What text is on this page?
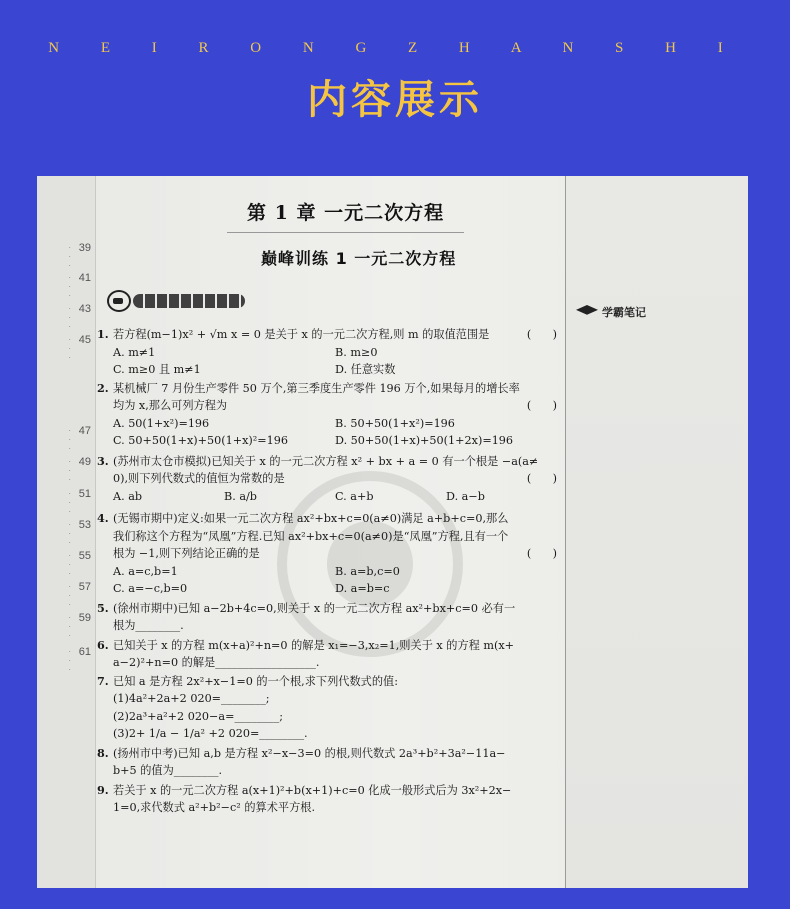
N E I R O N G Z H A N S H I
内容展示
· · · 39
· · · 41
· · · 43
· · · 45
· · · 47
· · · 49
· · · 51
· · · 53
· · · 55
· · · 57
· · · 59
· · · 61
学霸笔记
第 1 章 一元二次方程
巅峰训练 1 一元二次方程
1. 若方程(m−1)x² + √m x = 0 是关于 x 的一元二次方程,则 m 的取值范围是	(      )
A. m≠1	B. m≥0
C. m≥0 且 m≠1	D. 任意实数
2. 某机械厂 7 月份生产零件 50 万个,第三季度生产零件 196 万个,如果每月的增长率
均为 x,那么可列方程为	(      )
A. 50(1+x²)=196	B. 50+50(1+x²)=196
C. 50+50(1+x)+50(1+x)²=196	D. 50+50(1+x)+50(1+2x)=196
3. (苏州市太仓市模拟)已知关于 x 的一元二次方程 x² + bx + a = 0 有一个根是 −a(a≠
0),则下列代数式的值恒为常数的是	(      )
A. ab	B. a/b	C. a+b	D. a−b
4. (无锡市期中)定义:如果一元二次方程 ax²+bx+c=0(a≠0)满足 a+b+c=0,那么
我们称这个方程为“凤凰”方程.已知 ax²+bx+c=0(a≠0)是“凤凰”方程,且有一个
根为 −1,则下列结论正确的是	(      )
A. a=c,b=1	B. a=b,c=0
C. a=−c,b=0	D. a=b=c
5. (徐州市期中)已知 a−2b+4c=0,则关于 x 的一元二次方程 ax²+bx+c=0 必有一
根为________.
6. 已知关于 x 的方程 m(x+a)²+n=0 的解是 x₁=−3,x₂=1,则关于 x 的方程 m(x+
a−2)²+n=0 的解是__________________.
7. 已知 a 是方程 2x²+x−1=0 的一个根,求下列代数式的值:
(1)4a²+2a+2 020=________;
(2)2a³+a²+2 020−a=________;
(3)2+ 1/a − 1/a² +2 020=________.
8. (扬州市中考)已知 a,b 是方程 x²−x−3=0 的根,则代数式 2a³+b²+3a²−11a−
b+5 的值为________.
9. 若关于 x 的一元二次方程 a(x+1)²+b(x+1)+c=0 化成一般形式后为 3x²+2x−
1=0,求代数式 a²+b²−c² 的算术平方根.
